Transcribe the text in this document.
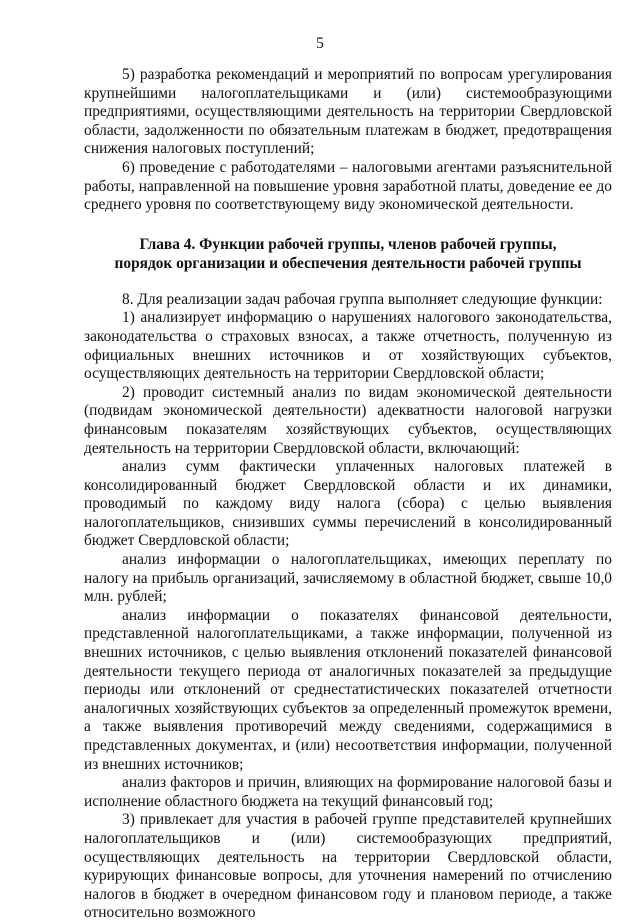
5

5) разработка рекомендаций и мероприятий по вопросам урегулирования крупнейшими налогоплательщиками и (или) системообразующими предприятиями, осуществляющими деятельность на территории Свердловской области, задолженности по обязательным платежам в бюджет, предотвращения снижения налоговых поступлений;

6) проведение с работодателями – налоговыми агентами разъяснительной работы, направленной на повышение уровня заработной платы, доведение ее до среднего уровня по соответствующему виду экономической деятельности.

Глава 4. Функции рабочей группы, членов рабочей группы,
порядок организации и обеспечения деятельности рабочей группы

8. Для реализации задач рабочая группа выполняет следующие функции:

1) анализирует информацию о нарушениях налогового законодательства, законодательства о страховых взносах, а также отчетность, полученную из официальных внешних источников и от хозяйствующих субъектов, осуществляющих деятельность на территории Свердловской области;

2) проводит системный анализ по видам экономической деятельности (подвидам экономической деятельности) адекватности налоговой нагрузки финансовым показателям хозяйствующих субъектов, осуществляющих деятельность на территории Свердловской области, включающий:

анализ сумм фактически уплаченных налоговых платежей в консолидированный бюджет Свердловской области и их динамики, проводимый по каждому виду налога (сбора) с целью выявления налогоплательщиков, снизивших суммы перечислений в консолидированный бюджет Свердловской области;

анализ информации о налогоплательщиках, имеющих переплату по налогу на прибыль организаций, зачисляемому в областной бюджет, свыше 10,0 млн. рублей;

анализ информации о показателях финансовой деятельности, представленной налогоплательщиками, а также информации, полученной из внешних источников, с целью выявления отклонений показателей финансовой деятельности текущего периода от аналогичных показателей за предыдущие периоды или отклонений от среднестатистических показателей отчетности аналогичных хозяйствующих субъектов за определенный промежуток времени, а также выявления противоречий между сведениями, содержащимися в представленных документах, и (или) несоответствия информации, полученной из внешних источников;

анализ факторов и причин, влияющих на формирование налоговой базы и исполнение областного бюджета на текущий финансовый год;

3) привлекает для участия в рабочей группе представителей крупнейших налогоплательщиков и (или) системообразующих предприятий, осуществляющих деятельность на территории Свердловской области, курирующих финансовые вопросы, для уточнения намерений по отчислению налогов в бюджет в очередном финансовом году и плановом периоде, а также относительно возможного
